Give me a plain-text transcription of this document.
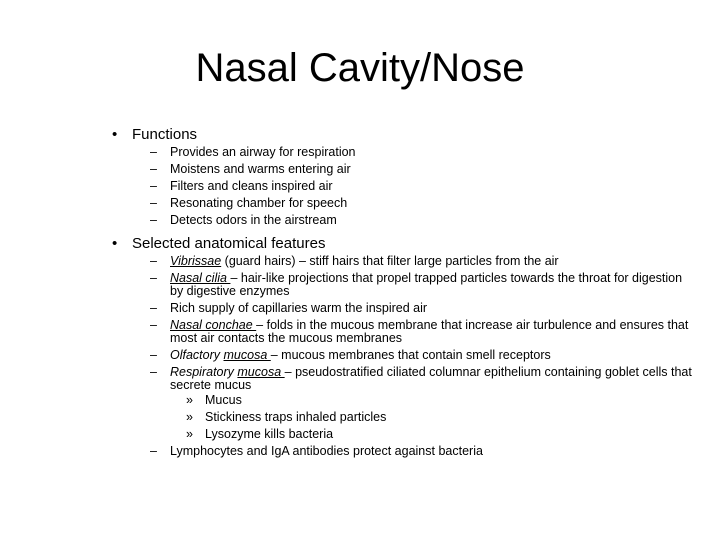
Nasal Cavity/Nose
• Functions
– Provides an airway for respiration
– Moistens and warms entering air
– Filters and cleans inspired air
– Resonating chamber for speech
– Detects odors in the airstream
• Selected anatomical features
– Vibrissae (guard hairs) – stiff hairs that filter large particles from the air
– Nasal cilia – hair-like projections that propel trapped particles towards the throat for digestion by digestive enzymes
– Rich supply of capillaries warm the inspired air
– Nasal conchae – folds in the mucous membrane that increase air turbulence and ensures that most air contacts the mucous membranes
– Olfactory mucosa – mucous membranes that contain smell receptors
– Respiratory mucosa – pseudostratified ciliated columnar epithelium containing goblet cells that secrete mucus
» Mucus
» Stickiness traps inhaled particles
» Lysozyme kills bacteria
– Lymphocytes and IgA antibodies protect against bacteria
